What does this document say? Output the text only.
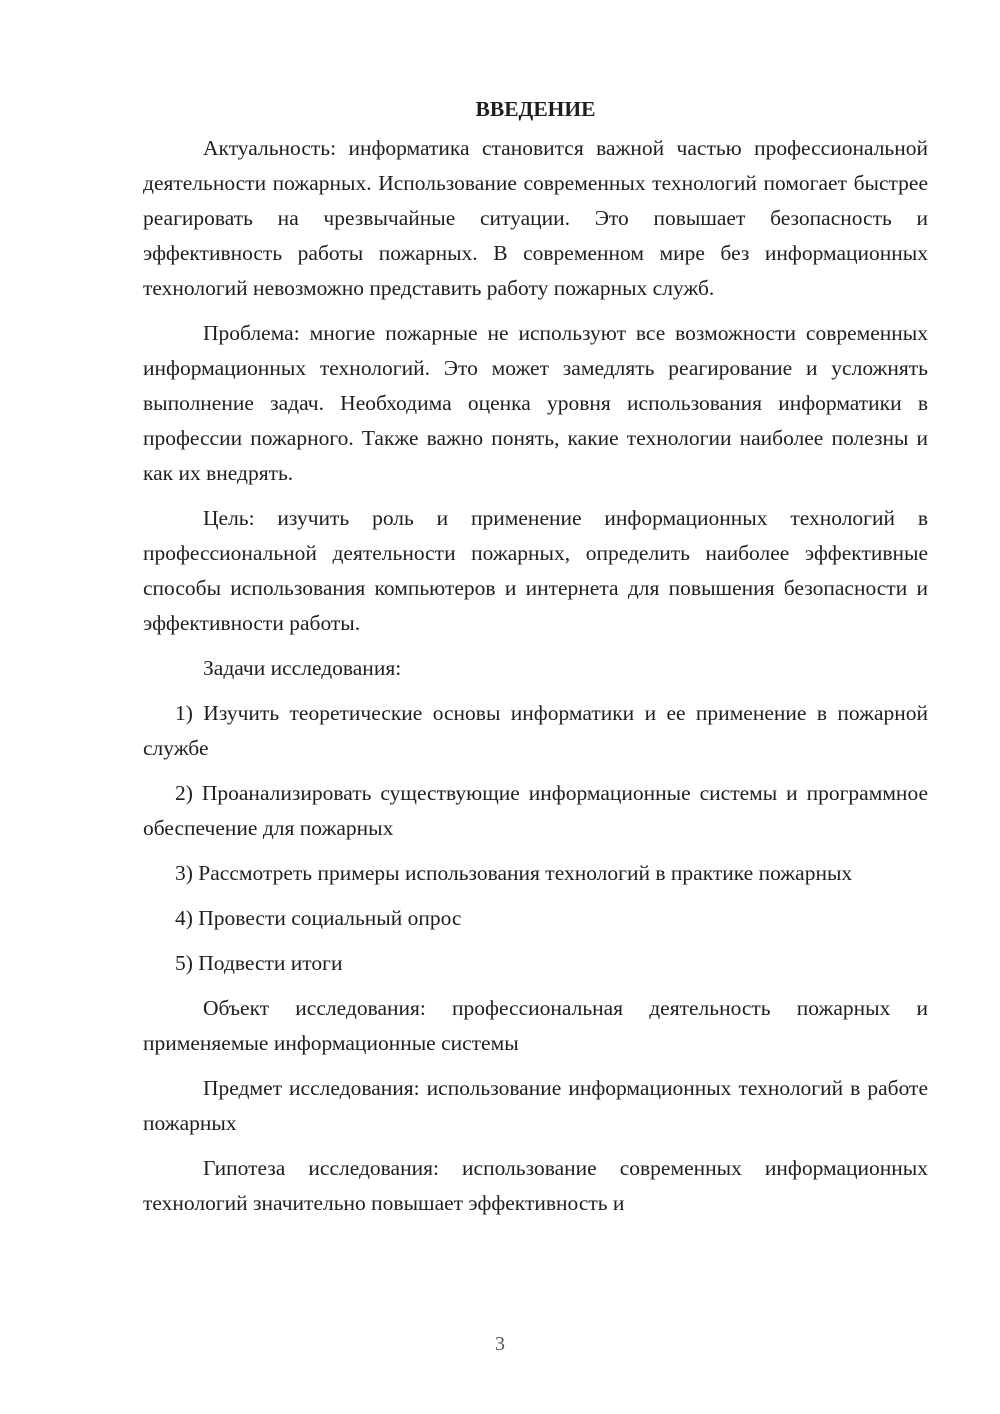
ВВЕДЕНИЕ

Актуальность: информатика становится важной частью профессиональной деятельности пожарных. Использование современных технологий помогает быстрее реагировать на чрезвычайные ситуации. Это повышает безопасность и эффективность работы пожарных. В современном мире без информационных технологий невозможно представить работу пожарных служб.

Проблема: многие пожарные не используют все возможности современных информационных технологий. Это может замедлять реагирование и усложнять выполнение задач. Необходима оценка уровня использования информатики в профессии пожарного. Также важно понять, какие технологии наиболее полезны и как их внедрять.

Цель: изучить роль и применение информационных технологий в профессиональной деятельности пожарных, определить наиболее эффективные способы использования компьютеров и интернета для повышения безопасности и эффективности работы.

Задачи исследования:

1) Изучить теоретические основы информатики и ее применение в пожарной службе

2) Проанализировать существующие информационные системы и программное обеспечение для пожарных

3) Рассмотреть примеры использования технологий в практике пожарных

4) Провести социальный опрос

5) Подвести итоги

Объект исследования: профессиональная деятельность пожарных и применяемые информационные системы

Предмет исследования: использование информационных технологий в работе пожарных

Гипотеза исследования: использование современных информационных технологий значительно повышает эффективность и

3
